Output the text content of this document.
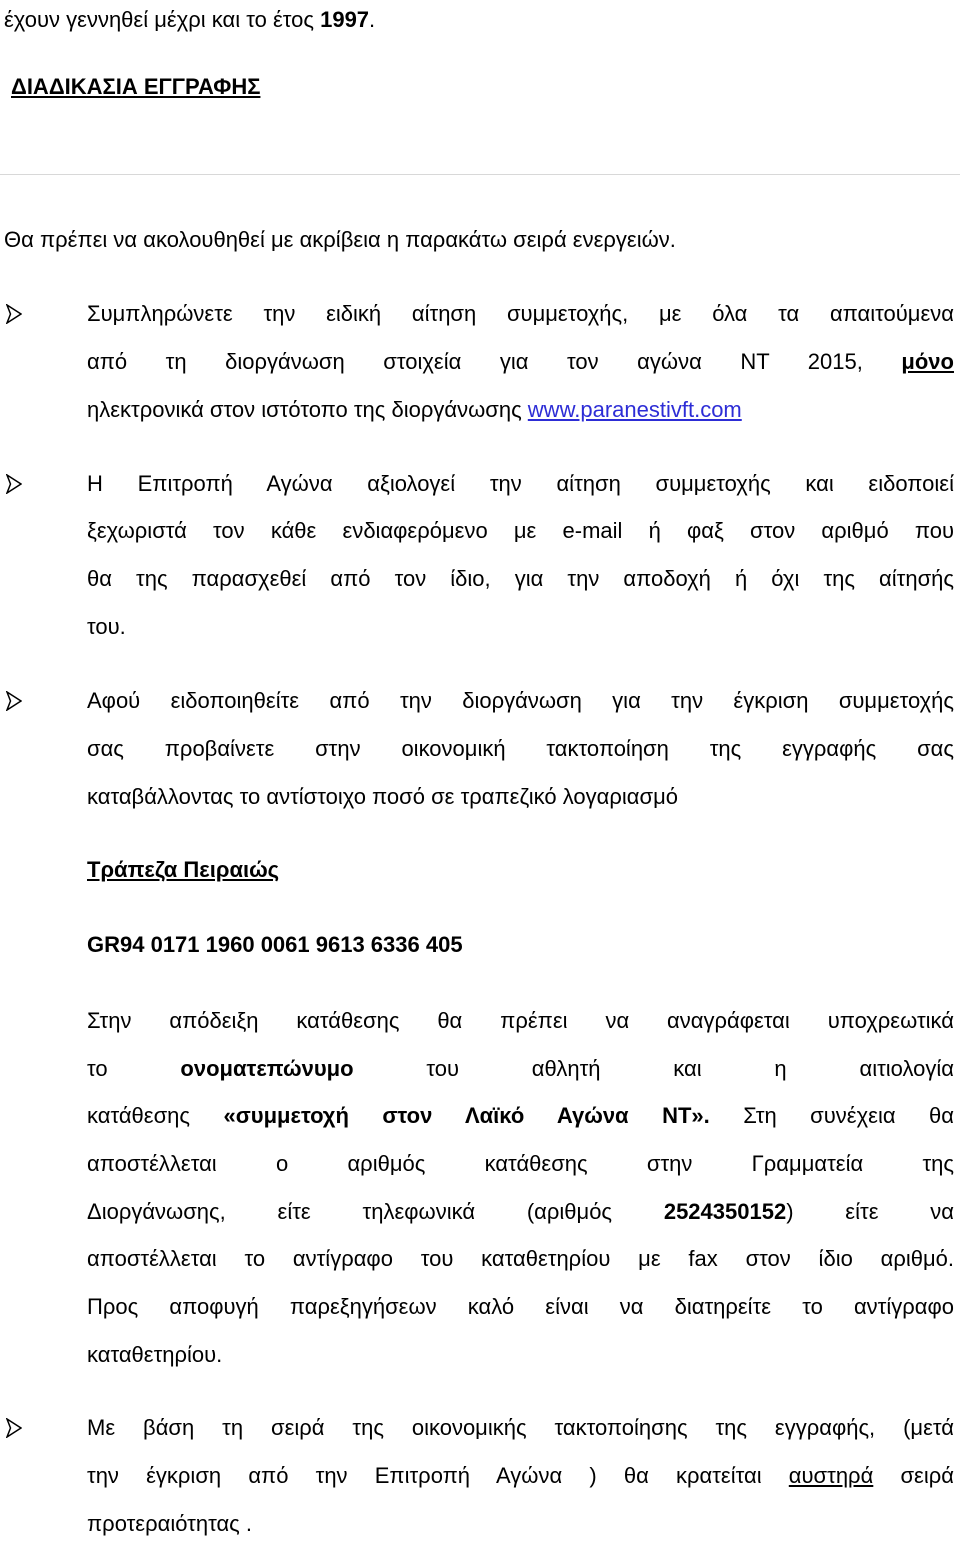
έχουν γεννηθεί μέχρι και το έτος 1997.
ΔΙΑΔΙΚΑΣΙΑ ΕΓΓΡΑΦΗΣ
Θα πρέπει να ακολουθηθεί με ακρίβεια η παρακάτω σειρά ενεργειών.
Συμπληρώνετε την ειδική αίτηση συμμετοχής, με όλα τα απαιτούμενα
από τη διοργάνωση στοιχεία για τον αγώνα ΝΤ 2015, μόνο
ηλεκτρονικά στον ιστότοπο της διοργάνωσης www.paranestivft.com
Η Επιτροπή Αγώνα αξιολογεί την αίτηση συμμετοχής και ειδοποιεί
ξεχωριστά τον κάθε ενδιαφερόμενο με e-mail ή φαξ στον αριθμό που
θα της παρασχεθεί από τον ίδιο, για την αποδοχή ή όχι της αίτησής
του.
Αφού ειδοποιηθείτε από την διοργάνωση για την έγκριση συμμετοχής
σας προβαίνετε στην οικονομική τακτοποίηση της εγγραφής σας
καταβάλλοντας το αντίστοιχο ποσό σε τραπεζικό λογαριασμό
Τράπεζα Πειραιώς
GR94 0171 1960 0061 9613 6336 405
Στην απόδειξη κατάθεσης θα πρέπει να αναγράφεται υποχρεωτικά
το ονοματεπώνυμο του αθλητή και η αιτιολογία
κατάθεσης «συμμετοχή στον Λαϊκό Αγώνα ΝΤ». Στη συνέχεια θα
αποστέλλεται ο αριθμός κατάθεσης στην Γραμματεία της
Διοργάνωσης, είτε τηλεφωνικά (αριθμός 2524350152) είτε να
αποστέλλεται το αντίγραφο του καταθετηρίου με fax στον ίδιο αριθμό.
Προς αποφυγή παρεξηγήσεων καλό είναι να διατηρείτε το αντίγραφο
καταθετηρίου.
Με βάση τη σειρά της οικονομικής τακτοποίησης της εγγραφής, (μετά
την έγκριση από την Επιτροπή Αγώνα ) θα κρατείται αυστηρά σειρά
προτεραιότητας .
